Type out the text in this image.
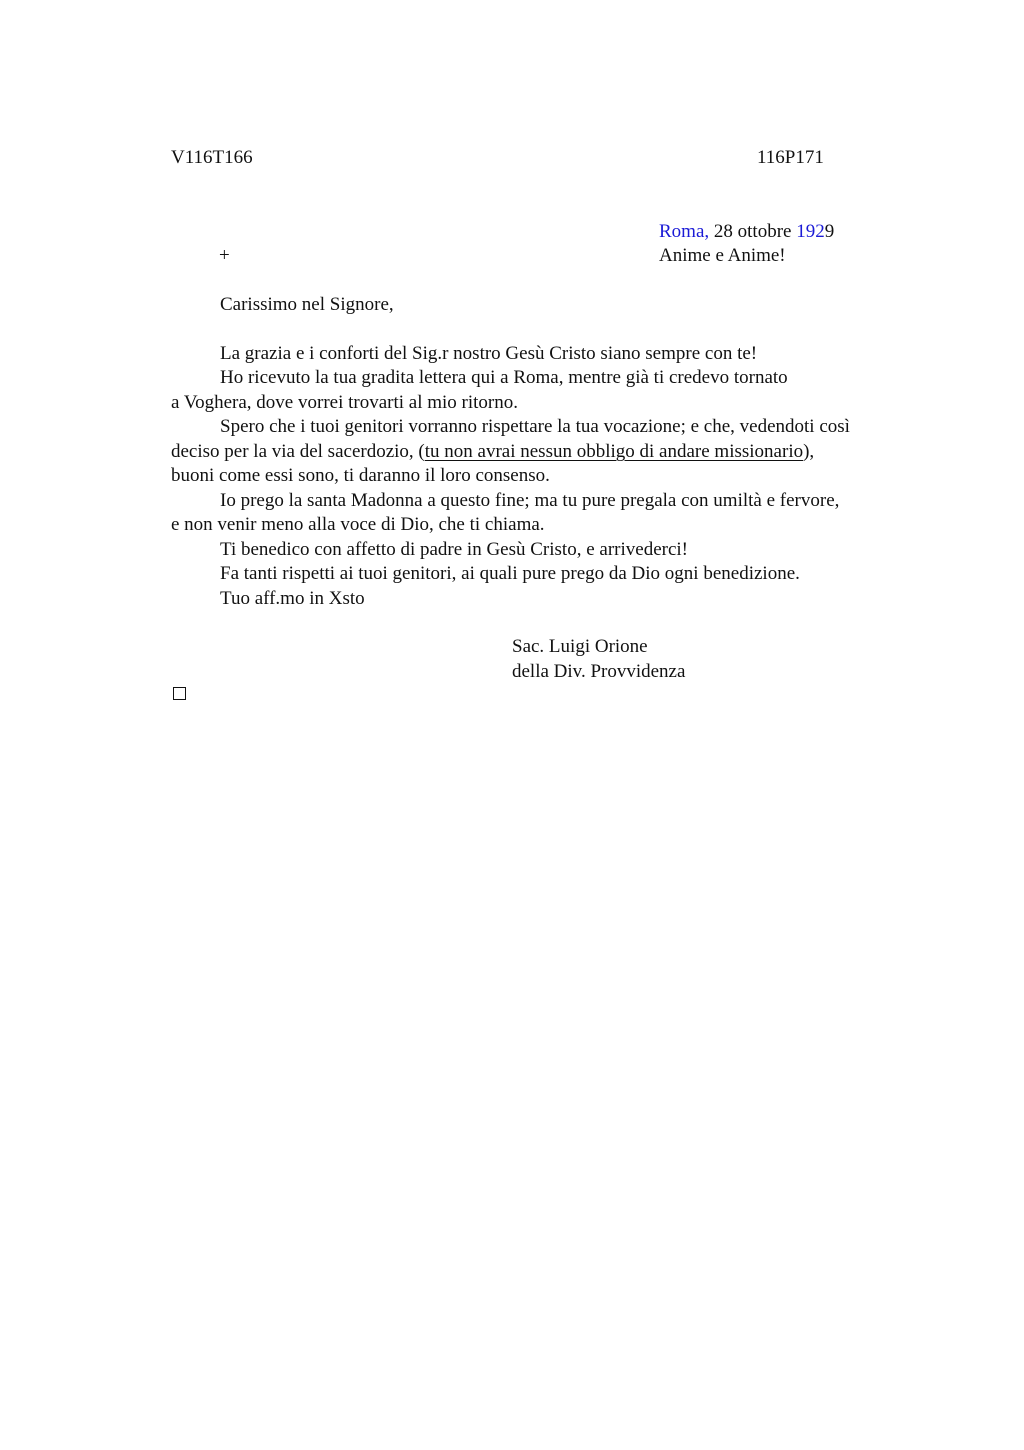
V116T166	116P171
Roma, 28 ottobre 1929
+	Anime e Anime!
Carissimo nel Signore,
La grazia e i conforti del Sig.r nostro Gesù Cristo siano sempre con te!
Ho ricevuto la tua gradita lettera qui a Roma, mentre già ti credevo tornato
a Voghera, dove vorrei trovarti al mio ritorno.
Spero che i tuoi genitori vorranno rispettare la tua vocazione; e che, vedendoti così
deciso per la via del sacerdozio, (tu non avrai nessun obbligo di andare missionario),
buoni come essi sono, ti daranno il loro consenso.
Io prego la santa Madonna a questo fine; ma tu pure pregala con umiltà e fervore,
e non venir meno alla voce di Dio, che ti chiama.
Ti benedico con affetto di padre in Gesù Cristo, e arrivederci!
Fa tanti rispetti ai tuoi genitori, ai quali pure prego da Dio ogni benedizione.
Tuo aff.mo in Xsto
Sac. Luigi Orione
della Div. Provvidenza
